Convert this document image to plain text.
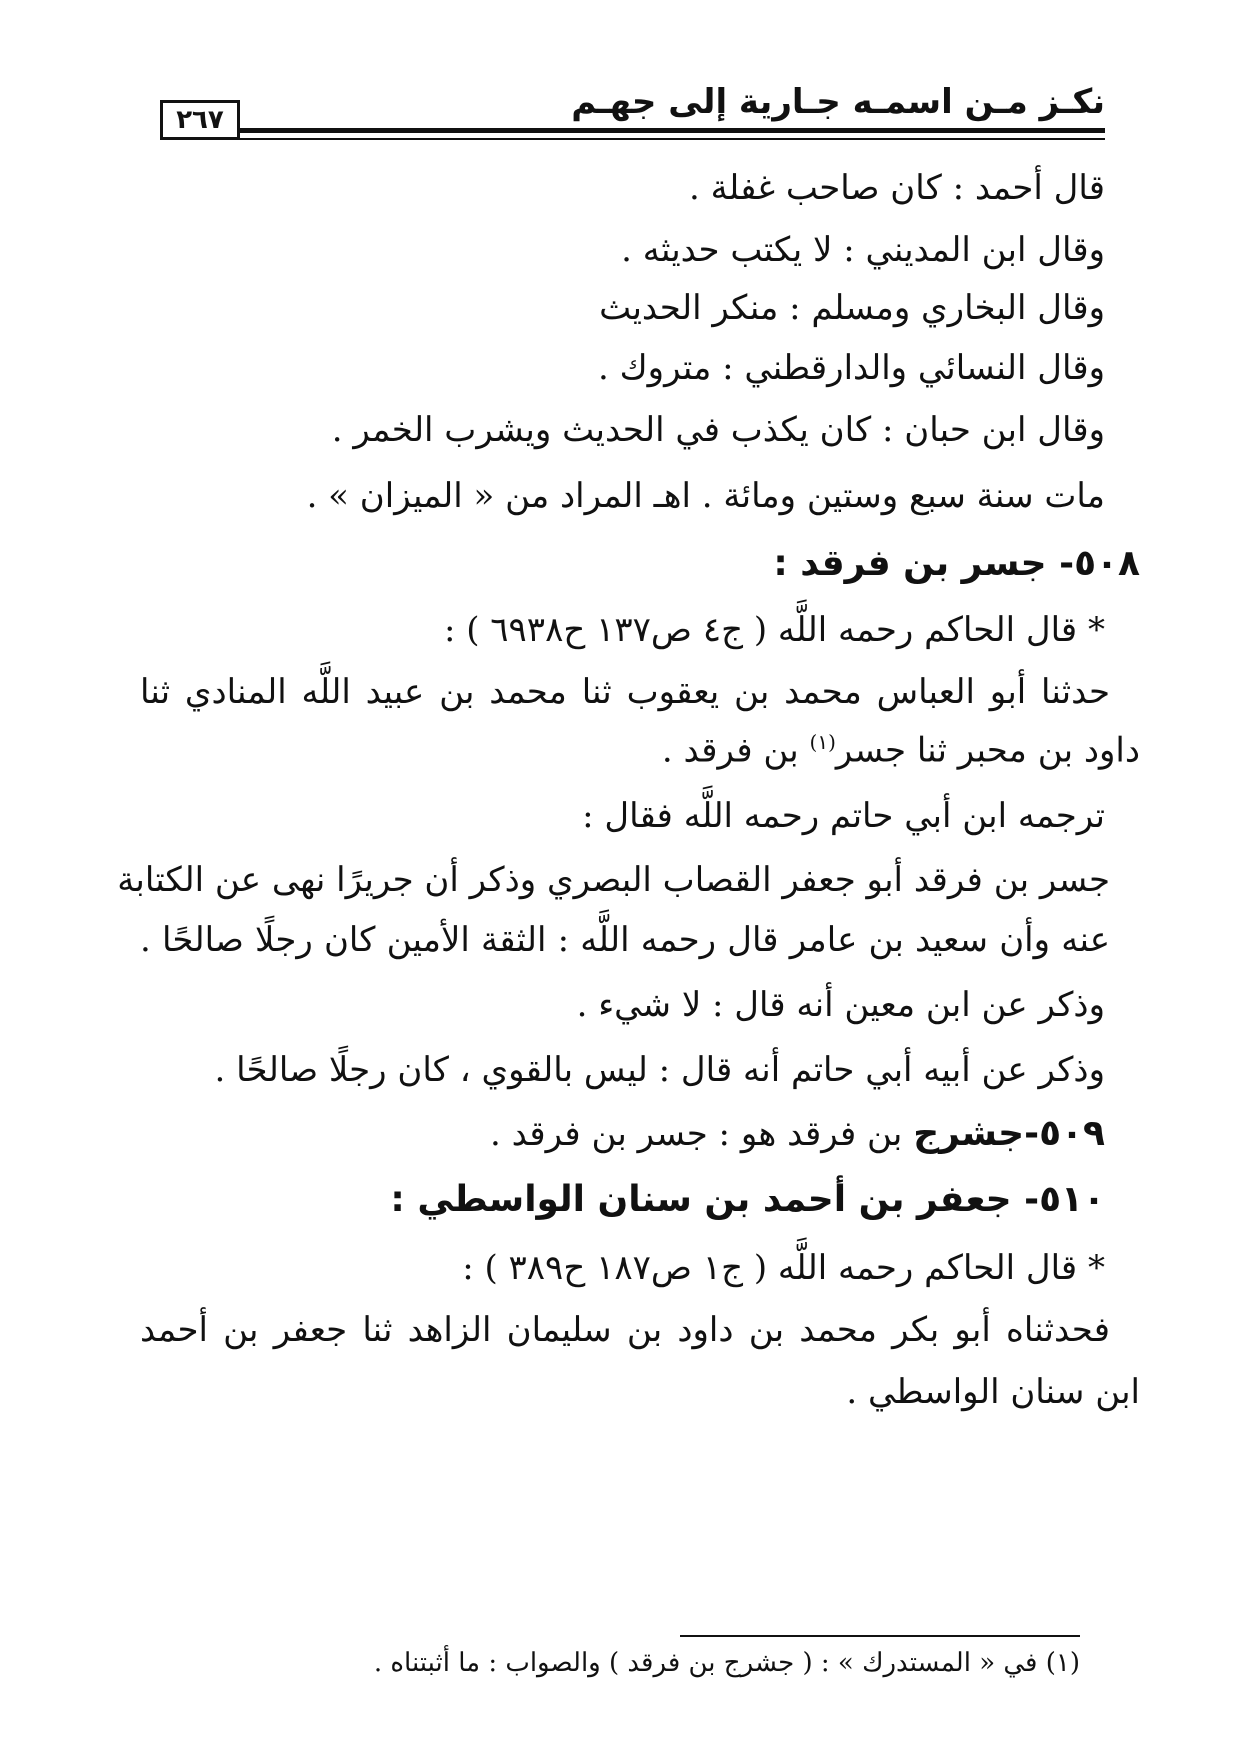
نكـز مـن اسمـه جـارية إلى جهـم
٢٦٧
قال أحمد : كان صاحب غفلة .
وقال ابن المديني : لا يكتب حديثه .
وقال البخاري ومسلم : منكر الحديث
وقال النسائي والدارقطني : متروك .
وقال ابن حبان : كان يكذب في الحديث ويشرب الخمر .
مات سنة سبع وستين ومائة . اهـ المراد من « الميزان » .
٥٠٨- جسر بن فرقد :
* قال الحاكم رحمه اللَّه ( ج٤ ص١٣٧ ح٦٩٣٨ ) :
حدثنا أبو العباس محمد بن يعقوب ثنا محمد بن عبيد اللَّه المنادي ثنا
داود بن محبر ثنا جسر$^{(١)}$ بن فرقد .
ترجمه ابن أبي حاتم رحمه اللَّه فقال :
جسر بن فرقد أبو جعفر القصاب البصري وذكر أن جريرًا نهى عن الكتابة
عنه وأن سعيد بن عامر قال رحمه اللَّه : الثقة الأمين كان رجلًا صالحًا .
وذكر عن ابن معين أنه قال : لا شيء .
وذكر عن أبيه أبي حاتم أنه قال : ليس بالقوي ، كان رجلًا صالحًا .
٥٠٩-جشرج بن فرقد هو : جسر بن فرقد .
٥١٠- جعفر بن أحمد بن سنان الواسطي :
* قال الحاكم رحمه اللَّه ( ج١ ص١٨٧ ح٣٨٩ ) :
فحدثناه أبو بكر محمد بن داود بن سليمان الزاهد ثنا جعفر بن أحمد
ابن سنان الواسطي .
(١) في « المستدرك » : ( جشرج بن فرقد ) والصواب : ما أثبتناه .
